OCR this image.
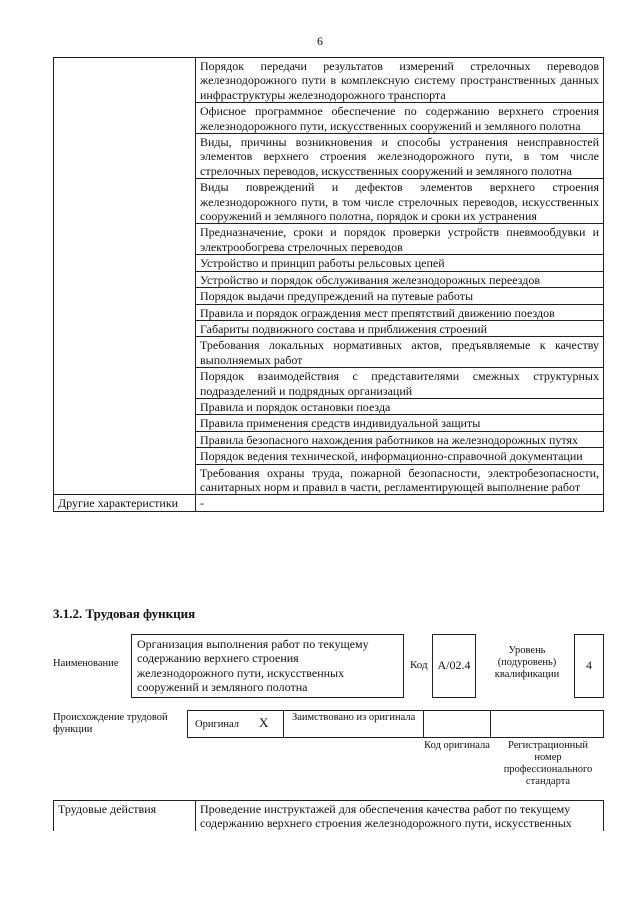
6
	Порядок передачи результатов измерений стрелочных переводов железнодорожного пути в комплексную систему пространственных данных инфраструктуры железнодорожного транспорта
	Офисное программное обеспечение по содержанию верхнего строения железнодорожного пути, искусственных сооружений и земляного полотна
	Виды, причины возникновения и способы устранения неисправностей элементов верхнего строения железнодорожного пути, в том числе стрелочных переводов, искусственных сооружений и земляного полотна
	Виды повреждений и дефектов элементов верхнего строения железнодорожного пути, в том числе стрелочных переводов, искусственных сооружений и земляного полотна, порядок и сроки их устранения
	Предназначение, сроки и порядок проверки устройств пневмообдувки и электрообогрева стрелочных переводов
	Устройство и принцип работы рельсовых цепей
	Устройство и порядок обслуживания железнодорожных переездов
	Порядок выдачи предупреждений на путевые работы
	Правила и порядок ограждения мест препятствий движению поездов
	Габариты подвижного состава и приближения строений
	Требования локальных нормативных актов, предъявляемые к качеству выполняемых работ
	Порядок взаимодействия с представителями смежных структурных подразделений и подрядных организаций
	Правила и порядок остановки поезда
	Правила применения средств индивидуальной защиты
	Правила безопасного нахождения работников на железнодорожных путях
	Порядок ведения технической, информационно-справочной документации
	Требования охраны труда, пожарной безопасности, электробезопасности, санитарных норм и правил в части, регламентирующей выполнение работ
Другие характеристики	-
3.1.2. Трудовая функция
Наименование
Организация выполнения работ по текущему содержанию верхнего строения железнодорожного пути, искусственных сооружений и земляного полотна
Код А/02.4
Уровень (подуровень) квалификации
4
Происхождение трудовой функции	Оригинал X Заимствовано из оригинала
Код оригинала	Регистрационный номер профессионального стандарта
Трудовые действия	Проведение инструктажей для обеспечения качества работ по текущему содержанию верхнего строения железнодорожного пути, искусственных
